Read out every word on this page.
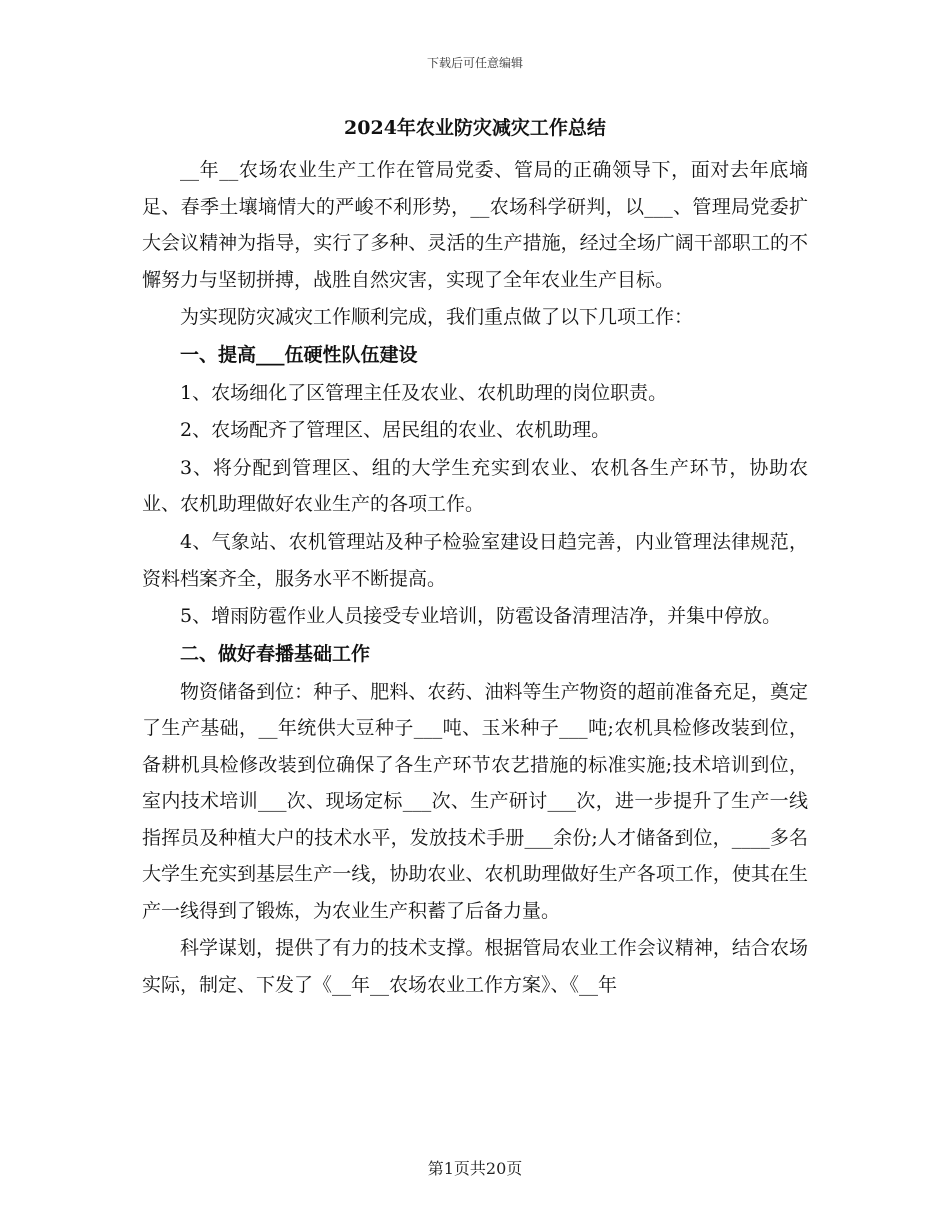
下载后可任意编辑
2024年农业防灾减灾工作总结

__年__农场农业生产工作在管局党委、管局的正确领导下，面对去年底墒足、春季土壤墒情大的严峻不利形势，__农场科学研判，以___、管理局党委扩大会议精神为指导，实行了多种、灵活的生产措施，经过全场广阔干部职工的不懈努力与坚韧拼搏，战胜自然灾害，实现了全年农业生产目标。

为实现防灾减灾工作顺利完成，我们重点做了以下几项工作：

一、提高___伍硬性队伍建设

1、农场细化了区管理主任及农业、农机助理的岗位职责。

2、农场配齐了管理区、居民组的农业、农机助理。

3、将分配到管理区、组的大学生充实到农业、农机各生产环节，协助农业、农机助理做好农业生产的各项工作。

4、气象站、农机管理站及种子检验室建设日趋完善，内业管理法律规范，资料档案齐全，服务水平不断提高。

5、增雨防雹作业人员接受专业培训，防雹设备清理洁净，并集中停放。

二、做好春播基础工作

物资储备到位：种子、肥料、农药、油料等生产物资的超前准备充足，奠定了生产基础，__年统供大豆种子___吨、玉米种子___吨;农机具检修改装到位，备耕机具检修改装到位确保了各生产环节农艺措施的标准实施;技术培训到位，室内技术培训___次、现场定标___次、生产研讨___次，进一步提升了生产一线指挥员及种植大户的技术水平，发放技术手册___余份;人才储备到位，____多名大学生充实到基层生产一线，协助农业、农机助理做好生产各项工作，使其在生产一线得到了锻炼，为农业生产积蓄了后备力量。

科学谋划，提供了有力的技术支撑。根据管局农业工作会议精神，结合农场实际，制定、下发了《__年__农场农业工作方案》、《__年

第1页共20页
